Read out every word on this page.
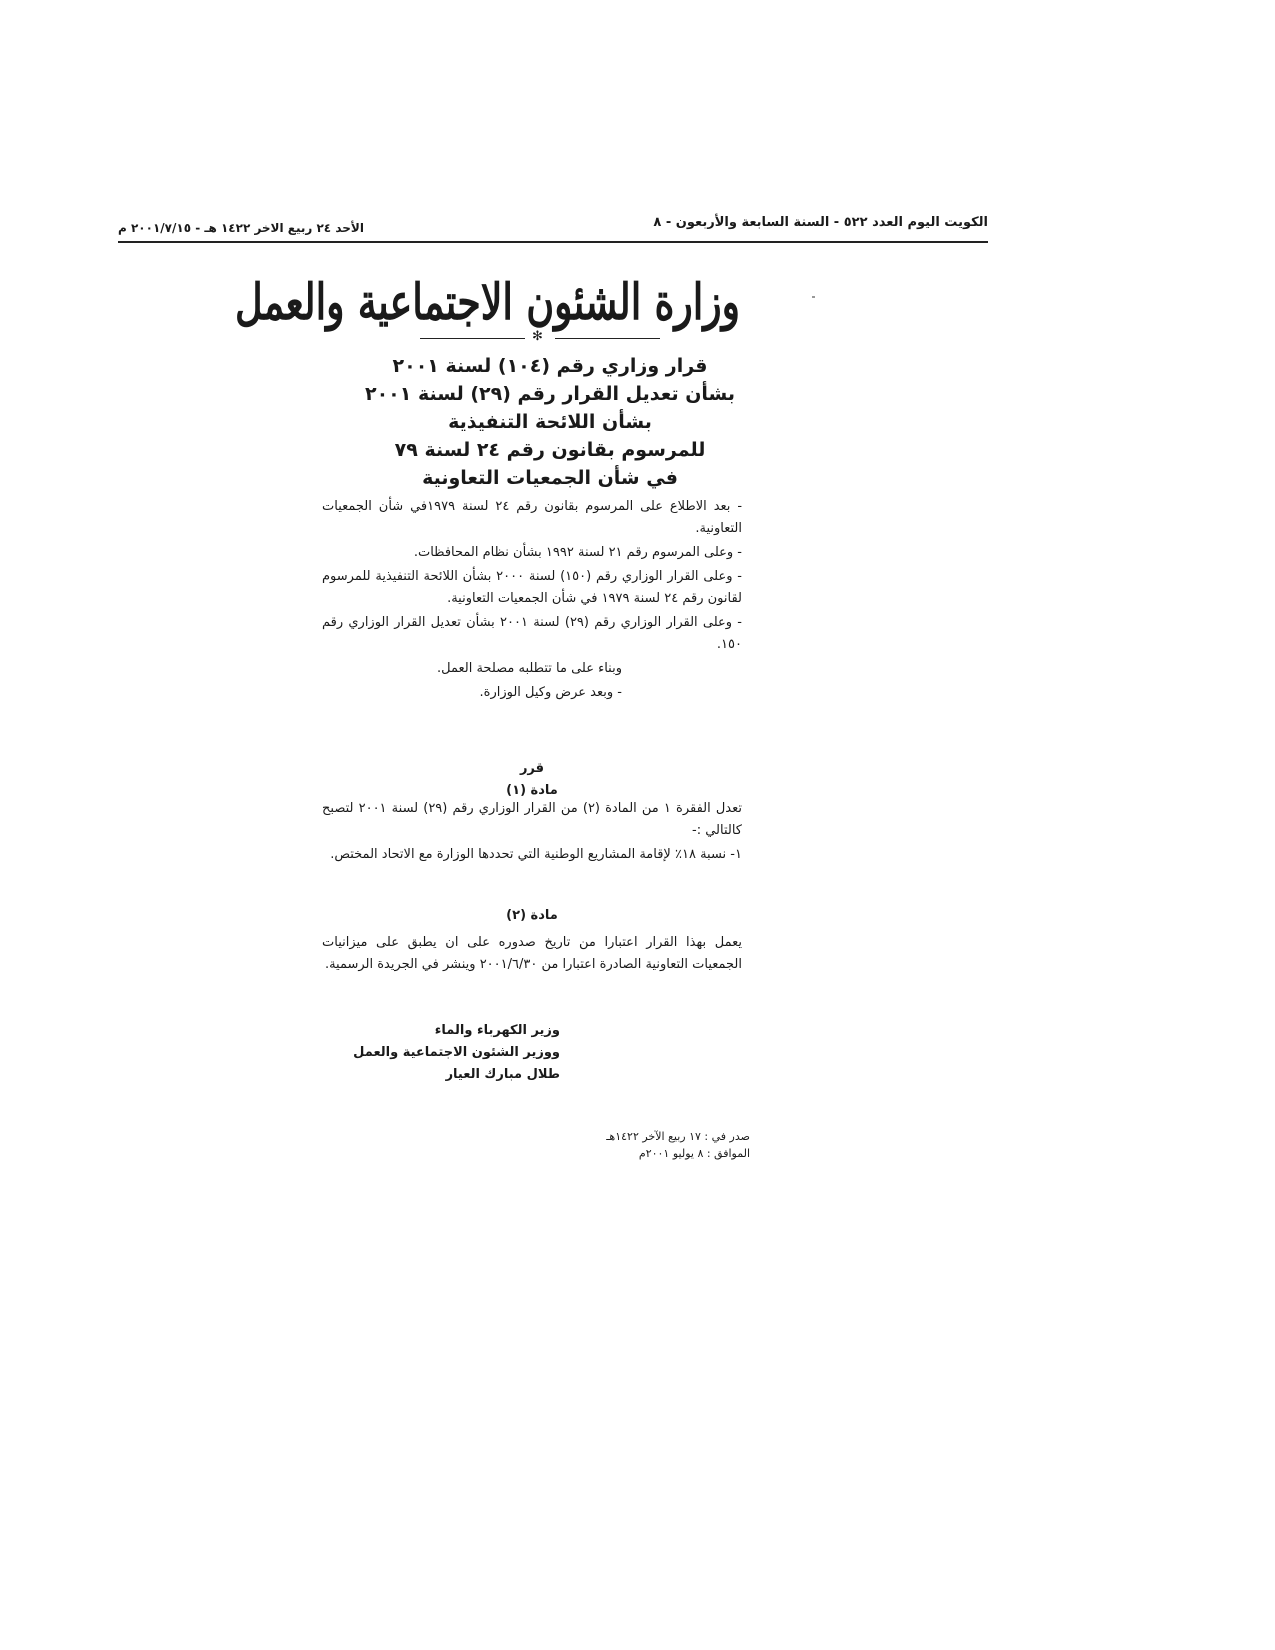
الكويت اليوم العدد ٥٢٢ - السنة السابعة والأربعون - ٨
الأحد ٢٤ ربيع الاخر ١٤٢٢ هـ - ٢٠٠١/٧/١٥ م
وزارة الشئون الاجتماعية والعمل
✻
قرار وزاري رقم (١٠٤) لسنة ٢٠٠١
بشأن تعديل القرار رقم (٢٩) لسنة ٢٠٠١
بشأن اللائحة التنفيذية
للمرسوم بقانون رقم ٢٤ لسنة ٧٩
في شأن الجمعيات التعاونية

- بعد الاطلاع على المرسوم بقانون رقم ٢٤ لسنة ١٩٧٩في شأن الجمعيات التعاونية.

- وعلى المرسوم رقم ٢١ لسنة ١٩٩٢ بشأن نظام المحافظات.

- وعلى القرار الوزاري رقم (١٥٠) لسنة ٢٠٠٠ بشأن اللائحة التنفيذية للمرسوم لقانون رقم ٢٤ لسنة ١٩٧٩ في شأن الجمعيات التعاونية.

- وعلى القرار الوزاري رقم (٢٩) لسنة ٢٠٠١ بشأن تعديل القرار الوزاري رقم ١٥٠.

وبناء على ما تتطلبه مصلحة العمل.

- وبعد عرض وكيل الوزارة.

قرر
مادة (١)

تعدل الفقرة ١ من المادة (٢) من القرار الوزاري رقم (٢٩) لسنة ٢٠٠١ لتصبح كالتالي :-

١- نسبة ١٨٪ لإقامة المشاريع الوطنية التي تحددها الوزارة مع الاتحاد المختص.

مادة (٢)

يعمل بهذا القرار اعتبارا من تاريخ صدوره على ان يطبق على ميزانيات الجمعيات التعاونية الصادرة اعتبارا من ٢٠٠١/٦/٣٠ وينشر في الجريدة الرسمية.

وزير الكهرباء والماء
ووزير الشئون الاجتماعية والعمل
طلال مبارك العيار
صدر في : ١٧ ربيع الآخر ١٤٢٢هـ
الموافق : ٨ يوليو ٢٠٠١م
